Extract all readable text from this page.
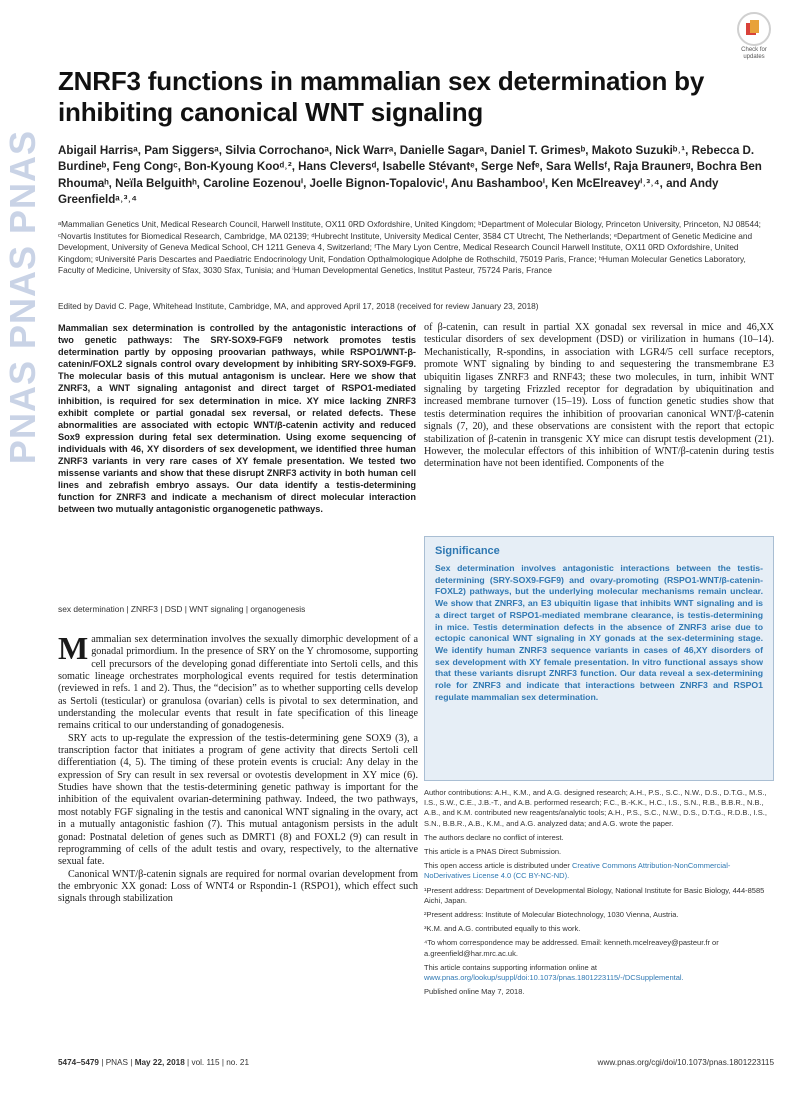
PNAS PNAS PNAS
Check for updates
ZNRF3 functions in mammalian sex determination by inhibiting canonical WNT signaling
Abigail Harrisᵃ, Pam Siggersᵃ, Silvia Corrochanoᵃ, Nick Warrᵃ, Danielle Sagarᵃ, Daniel T. Grimesᵇ, Makoto Suzukiᵇ˒¹, Rebecca D. Burdineᵇ, Feng Congᶜ, Bon-Kyoung Kooᵈ˒², Hans Cleversᵈ, Isabelle Stévantᵉ, Serge Nefᵉ, Sara Wellsᶠ, Raja Braunerᵍ, Bochra Ben Rhoumaʰ, Neïla Belguithʰ, Caroline Eozenouⁱ, Joelle Bignon-Topalovicⁱ, Anu Bashambooⁱ, Ken McElreaveyⁱ˒³˒⁴, and Andy Greenfieldᵃ˒³˒⁴
ᵃMammalian Genetics Unit, Medical Research Council, Harwell Institute, OX11 0RD Oxfordshire, United Kingdom; ᵇDepartment of Molecular Biology, Princeton University, Princeton, NJ 08544; ᶜNovartis Institutes for Biomedical Research, Cambridge, MA 02139; ᵈHubrecht Institute, University Medical Center, 3584 CT Utrecht, The Netherlands; ᵉDepartment of Genetic Medicine and Development, University of Geneva Medical School, CH 1211 Geneva 4, Switzerland; ᶠThe Mary Lyon Centre, Medical Research Council Harwell Institute, OX11 0RD Oxfordshire, United Kingdom; ᵍUniversité Paris Descartes and Paediatric Endocrinology Unit, Fondation Opthalmologique Adolphe de Rothschild, 75019 Paris, France; ʰHuman Molecular Genetics Laboratory, Faculty of Medicine, University of Sfax, 3030 Sfax, Tunisia; and ⁱHuman Developmental Genetics, Institut Pasteur, 75724 Paris, France
Edited by David C. Page, Whitehead Institute, Cambridge, MA, and approved April 17, 2018 (received for review January 23, 2018)
Mammalian sex determination is controlled by the antagonistic interactions of two genetic pathways: The SRY-SOX9-FGF9 network promotes testis determination partly by opposing proovarian pathways, while RSPO1/WNT-β-catenin/FOXL2 signals control ovary development by inhibiting SRY-SOX9-FGF9. The molecular basis of this mutual antagonism is unclear. Here we show that ZNRF3, a WNT signaling antagonist and direct target of RSPO1-mediated inhibition, is required for sex determination in mice. XY mice lacking ZNRF3 exhibit complete or partial gonadal sex reversal, or related defects. These abnormalities are associated with ectopic WNT/β-catenin activity and reduced Sox9 expression during fetal sex determination. Using exome sequencing of individuals with 46, XY disorders of sex development, we identified three human ZNRF3 variants in very rare cases of XY female presentation. We tested two missense variants and show that these disrupt ZNRF3 activity in both human cell lines and zebrafish embryo assays. Our data identify a testis-determining function for ZNRF3 and indicate a mechanism of direct molecular interaction between two mutually antagonistic organogenetic pathways.
sex determination | ZNRF3 | DSD | WNT signaling | organogenesis

Mammalian sex determination involves the sexually dimorphic development of a gonadal primordium. In the presence of SRY on the Y chromosome, supporting cell precursors of the developing gonad differentiate into Sertoli cells, and this somatic lineage orchestrates morphological events required for testis determination (reviewed in refs. 1 and 2). Thus, the “decision” as to whether supporting cells develop as Sertoli (testicular) or granulosa (ovarian) cells is pivotal to sex determination, and understanding the molecular events that result in fate specification of this lineage remains critical to our understanding of gonadogenesis.

SRY acts to up-regulate the expression of the testis-determining gene SOX9 (3), a transcription factor that initiates a program of gene activity that directs Sertoli cell differentiation (4, 5). The timing of these protein events is crucial: Any delay in the expression of Sry can result in sex reversal or ovotestis development in XY mice (6). Studies have shown that the testis-determining genetic pathway is important for the inhibition of the equivalent ovarian-determining pathway. Indeed, the two pathways, most notably FGF signaling in the testis and canonical WNT signaling in the ovary, act in a mutually antagonistic fashion (7). This mutual antagonism persists in the adult gonad: Postnatal deletion of genes such as DMRT1 (8) and FOXL2 (9) can result in reprogramming of cells of the adult testis and ovary, respectively, to the alternative sexual fate.

Canonical WNT/β-catenin signals are required for normal ovarian development from the embryonic XX gonad: Loss of WNT4 or Rspondin-1 (RSPO1), which effect such signals through stabilization

of β-catenin, can result in partial XX gonadal sex reversal in mice and 46,XX testicular disorders of sex development (DSD) or virilization in humans (10–14). Mechanistically, R-spondins, in association with LGR4/5 cell surface receptors, promote WNT signaling by binding to and sequestering the transmembrane E3 ubiquitin ligases ZNRF3 and RNF43; these two molecules, in turn, inhibit WNT signaling by targeting Frizzled receptor for degradation by ubiquitination and increased membrane turnover (15–19). Loss of function genetic studies show that testis determination requires the inhibition of proovarian canonical WNT/β-catenin signals (7, 20), and these observations are consistent with the report that ectopic stabilization of β-catenin in transgenic XY mice can disrupt testis development (21). However, the molecular effectors of this inhibition of WNT/β-catenin during testis determination have not been identified. Components of the
Significance
Sex determination involves antagonistic interactions between the testis-determining (SRY-SOX9-FGF9) and ovary-promoting (RSPO1-WNT/β-catenin-FOXL2) pathways, but the underlying molecular mechanisms remain unclear. We show that ZNRF3, an E3 ubiquitin ligase that inhibits WNT signaling and is a direct target of RSPO1-mediated membrane clearance, is testis-determining in mice. Testis determination defects in the absence of ZNRF3 arise due to ectopic canonical WNT signaling in XY gonads at the sex-determining stage. We identify human ZNRF3 sequence variants in cases of 46,XY disorders of sex development with XY female presentation. In vitro functional assays show that these variants disrupt ZNRF3 function. Our data reveal a sex-determining role for ZNRF3 and indicate that interactions between ZNRF3 and RSPO1 regulate mammalian sex determination.

Author contributions: A.H., K.M., and A.G. designed research; A.H., P.S., S.C., N.W., D.S., D.T.G., M.S., I.S., S.W., C.E., J.B.-T., and A.B. performed research; F.C., B.-K.K., H.C., I.S., S.N., R.B., B.B.R., N.B., A.B., and K.M. contributed new reagents/analytic tools; A.H., P.S., S.C., N.W., D.S., D.T.G., R.D.B., I.S., S.N., B.B.R., A.B., K.M., and A.G. analyzed data; and A.G. wrote the paper.

The authors declare no conflict of interest.

This article is a PNAS Direct Submission.

This open access article is distributed under Creative Commons Attribution-NonCommercial-NoDerivatives License 4.0 (CC BY-NC-ND).

¹Present address: Department of Developmental Biology, National Institute for Basic Biology, 444-8585 Aichi, Japan.

²Present address: Institute of Molecular Biotechnology, 1030 Vienna, Austria.

³K.M. and A.G. contributed equally to this work.

⁴To whom correspondence may be addressed. Email: kenneth.mcelreavey@pasteur.fr or a.greenfield@har.mrc.ac.uk.

This article contains supporting information online at www.pnas.org/lookup/suppl/doi:10.1073/pnas.1801223115/-/DCSupplemental.

Published online May 7, 2018.

5474–5479 | PNAS | May 22, 2018 | vol. 115 | no. 21	www.pnas.org/cgi/doi/10.1073/pnas.1801223115
